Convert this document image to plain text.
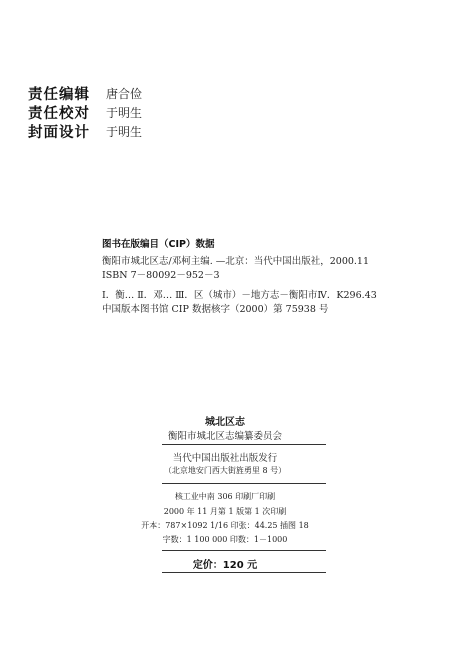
责任编辑 唐合俭
责任校对 于明生
封面设计 于明生
图书在版编目（CIP）数据
衡阳市城北区志/邓柯主编. —北京：当代中国出版社，2000.11
ISBN 7－80092－952－3
Ⅰ．衡… Ⅱ．邓… Ⅲ．区（城市）－地方志－衡阳市Ⅳ．K296.43
中国版本图书馆 CIP 数据核字（2000）第 75938 号
城北区志
衡阳市城北区志编纂委员会
当代中国出版社出版发行
（北京地安门西大街旌勇里 8 号）
核工业中南 306 印刷厂印刷
2000 年 11 月第 1 版第 1 次印刷
开本：787×1092 1/16 印张：44.25 插图 18
字数：1 100 000 印数：1－1000
定价：120 元
